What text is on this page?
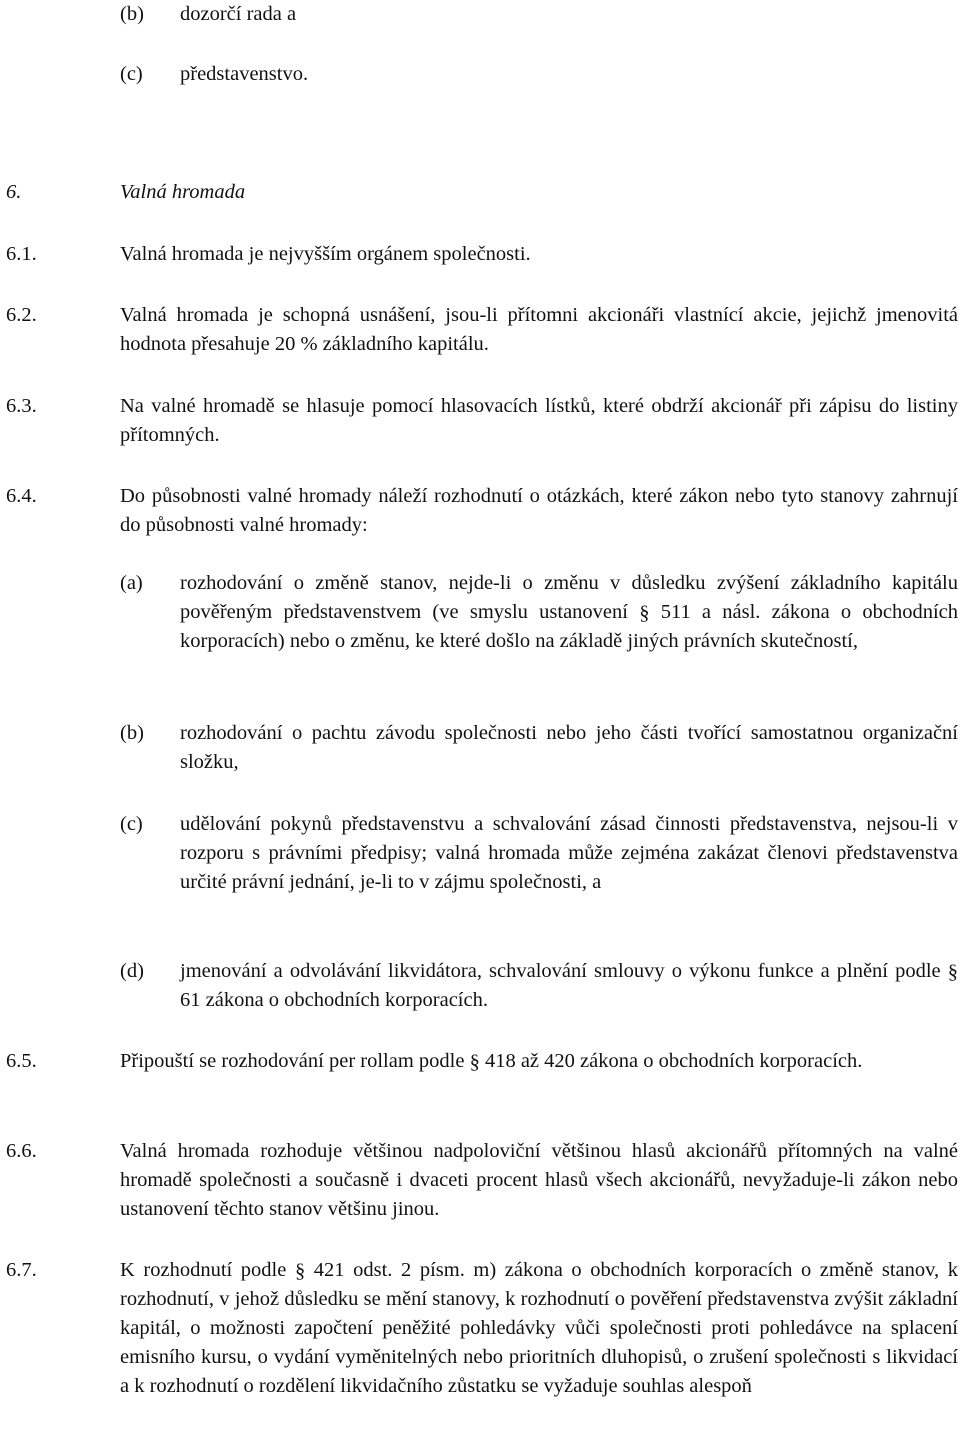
(b) dozorčí rada a
(c) představenstvo.
6.	Valná hromada
6.1.	Valná hromada je nejvyšším orgánem společnosti.
6.2.	Valná hromada je schopná usnášení, jsou-li přítomni akcionáři vlastnící akcie, jejichž jmenovitá hodnota přesahuje 20 % základního kapitálu.
6.3.	Na valné hromadě se hlasuje pomocí hlasovacích lístků, které obdrží akcionář při zápisu do listiny přítomných.
6.4.	Do působnosti valné hromady náleží rozhodnutí o otázkách, které zákon nebo tyto stanovy zahrnují do působnosti valné hromady:
(a) rozhodování o změně stanov, nejde-li o změnu v důsledku zvýšení základního kapitálu pověřeným představenstvem (ve smyslu ustanovení § 511 a násl. zákona o obchodních korporacích) nebo o změnu, ke které došlo na základě jiných právních skutečností,
(b) rozhodování o pachtu závodu společnosti nebo jeho části tvořící samostatnou organizační složku,
(c) udělování pokynů představenstvu a schvalování zásad činnosti představenstva, nejsou-li v rozporu s právními předpisy; valná hromada může zejména zakázat členovi představenstva určité právní jednání, je-li to v zájmu společnosti, a
(d) jmenování a odvolávání likvidátora, schvalování smlouvy o výkonu funkce a plnění podle § 61 zákona o obchodních korporacích.
6.5.	Připouští se rozhodování per rollam podle § 418 až 420 zákona o obchodních korporacích.
6.6.	Valná hromada rozhoduje většinou nadpoloviční většinou hlasů akcionářů přítomných na valné hromadě společnosti a současně i dvaceti procent hlasů všech akcionářů, nevyžaduje-li zákon nebo ustanovení těchto stanov většinu jinou.
6.7.	K rozhodnutí podle § 421 odst. 2 písm. m) zákona o obchodních korporacích o změně stanov, k rozhodnutí, v jehož důsledku se mění stanovy, k rozhodnutí o pověření představenstva zvýšit základní kapitál, o možnosti započtení peněžité pohledávky vůči společnosti proti pohledávce na splacení emisního kursu, o vydání vyměnitelných nebo prioritních dluhopisů, o zrušení společnosti s likvidací a k rozhodnutí o rozdělení likvidačního zůstatku se vyžaduje souhlas alespoň
